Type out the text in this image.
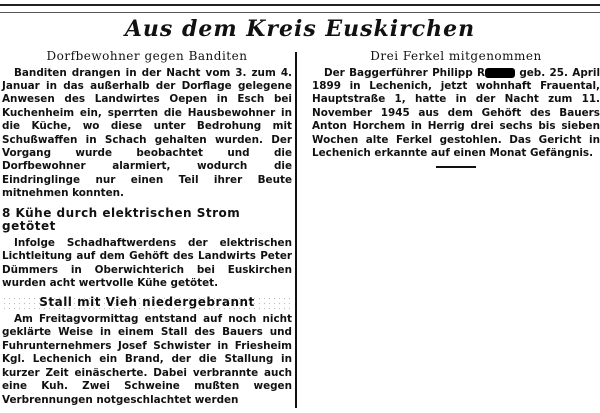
Aus dem Kreis Euskirchen
Dorfbewohner gegen Banditen

Banditen drangen in der Nacht vom 3. zum 4. Januar in das außerhalb der Dorflage gelegene Anwesen des Landwirtes Oepen in Esch bei Kuchenheim ein, sperrten die Hausbewohner in die Küche, wo diese unter Bedrohung mit Schußwaffen in Schach gehalten wurden. Der Vorgang wurde beobachtet und die Dorfbewohner alarmiert, wodurch die Eindringlinge nur einen Teil ihrer Beute mitnehmen konnten.

8 Kühe durch elektrischen Strom getötet

Infolge Schadhaftwerdens der elektrischen Lichtleitung auf dem Gehöft des Landwirts Peter Dümmers in Oberwichterich bei Euskirchen wurden acht wertvolle Kühe getötet.

Stall mit Vieh niedergebrannt

Am Freitagvormittag entstand auf noch nicht geklärte Weise in einem Stall des Bauers und Fuhrunternehmers Josef Schwister in Friesheim Kgl. Lechenich ein Brand, der die Stallung in kurzer Zeit einäscherte. Dabei verbrannte auch eine Kuh. Zwei Schweine mußten wegen Verbrennungen notgeschlachtet werden

Drei Ferkel mitgenommen

Der Baggerführer Philipp R	geb. 25. April 1899 in Lechenich, jetzt wohnhaft Frauental, Hauptstraße 1, hatte in der Nacht zum 11. November 1945 aus dem Gehöft des Bauers Anton Horchem in Herrig drei sechs bis sieben Wochen alte Ferkel gestohlen. Das Gericht in Lechenich erkannte auf einen Monat Gefängnis.
